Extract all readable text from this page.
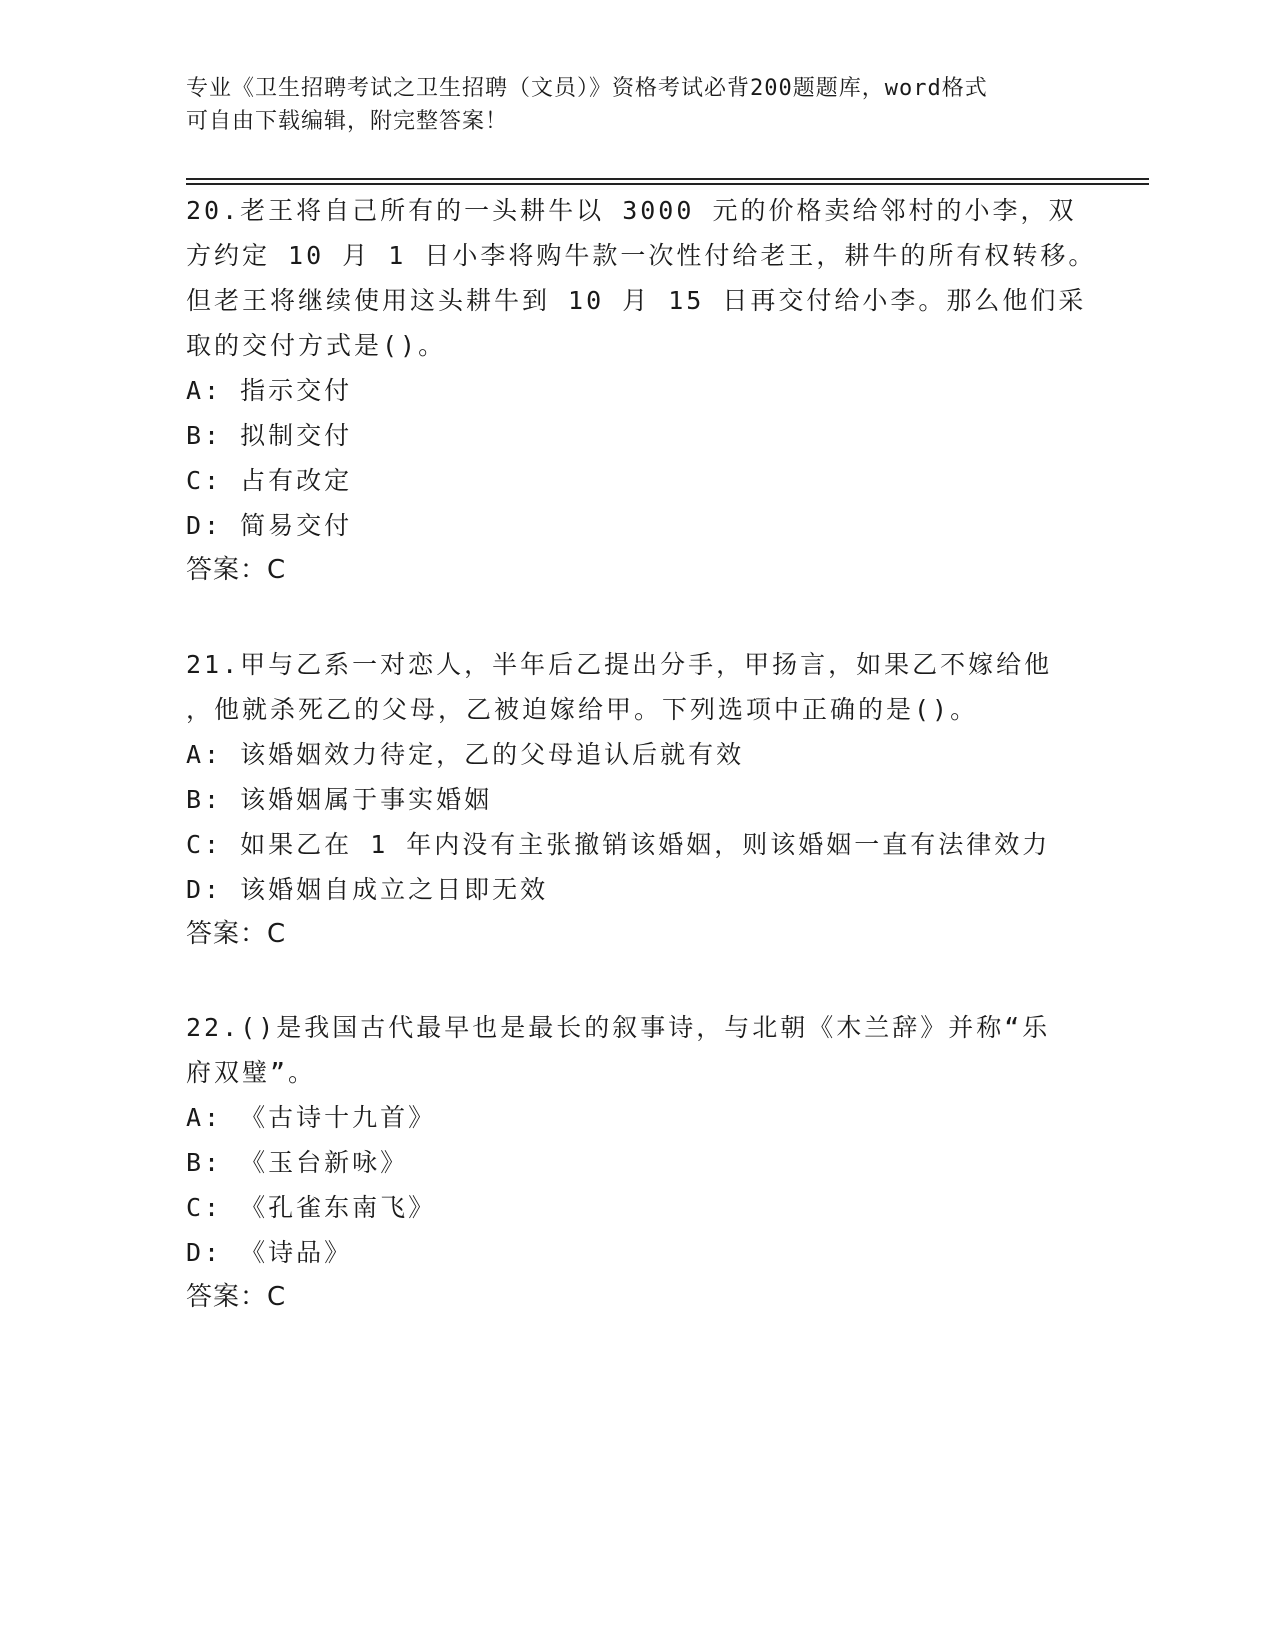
专业《卫生招聘考试之卫生招聘（文员）》资格考试必背200题题库，word格式
可自由下载编辑，附完整答案！
20.老王将自己所有的一头耕牛以 3000 元的价格卖给邻村的小李，双
方约定 10 月 1 日小李将购牛款一次性付给老王，耕牛的所有权转移。
但老王将继续使用这头耕牛到 10 月 15 日再交付给小李。那么他们采
取的交付方式是()。
A: 指示交付
B: 拟制交付
C: 占有改定
D: 简易交付
答案：C
21.甲与乙系一对恋人，半年后乙提出分手，甲扬言，如果乙不嫁给他
，他就杀死乙的父母，乙被迫嫁给甲。下列选项中正确的是()。
A: 该婚姻效力待定，乙的父母追认后就有效
B: 该婚姻属于事实婚姻
C: 如果乙在 1 年内没有主张撤销该婚姻，则该婚姻一直有法律效力
D: 该婚姻自成立之日即无效
答案：C
22.()是我国古代最早也是最长的叙事诗，与北朝《木兰辞》并称“乐
府双璧”。
A: 《古诗十九首》
B: 《玉台新咏》
C: 《孔雀东南飞》
D: 《诗品》
答案：C
